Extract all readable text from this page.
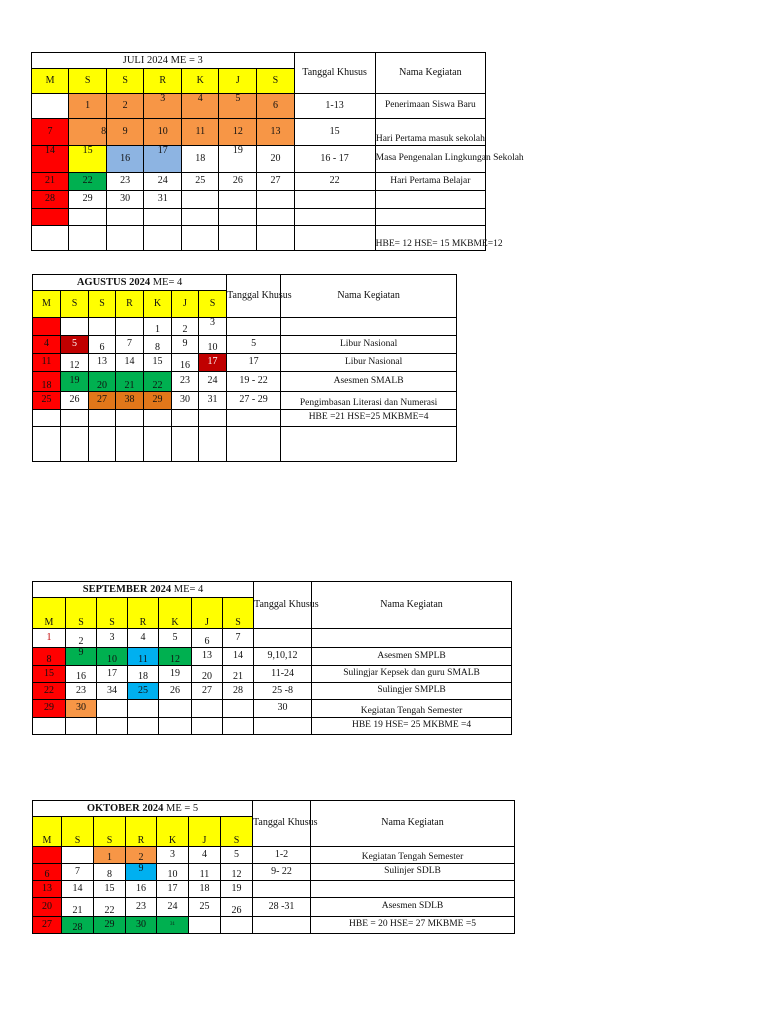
JULI 2024 ME = 3							Tanggal Khusus	Nama Kegiatan
M	S	S	R	K	J	S		
	1	2	3	4	5	6	1-13	Penerimaan Siswa Baru
7	8	9	10	11	12	13	15	Hari Pertama masuk sekolah
14	15	16	17	18	19	20	16 - 17	Masa Pengenalan Lingkungan Sekolah
21	22	23	24	25	26	27	22	Hari Pertama Belajar
28	29	30	31					

								HBE= 12 HSE= 15 MKBME=12
AGUSTUS 2024 ME= 4							Tanggal Khusus	Nama Kegiatan
M	S	S	R	K	J	S		
				1	2	3		
4	5	6	7	8	9	10	5	Libur Nasional
11	12	13	14	15	16	17	17	Libur Nasional
18	19	20	21	22	23	24	19 - 22	Asesmen SMALB
25	26	27	38	29	30	31	27 - 29	Pengimbasan Literasi dan Numerasi
								HBE =21 HSE=25 MKBME=4

SEPTEMBER 2024 ME= 4							Tanggal Khusus	Nama Kegiatan
M	S	S	R	K	J	S		
1	2	3	4	5	6	7		
8	9	10	11	12	13	14	9,10,12	Asesmen SMPLB
15	16	17	18	19	20	21	11-24	Sulingjar Kepsek dan guru SMALB
22	23	34	25	26	27	28	25 -8	Sulingjer SMPLB
29	30						30	Kegiatan Tengah Semester
								HBE 19 HSE= 25 MKBME =4
OKTOBER 2024 ME = 5							Tanggal Khusus	Nama Kegiatan
M	S	S	R	K	J	S		
		1	2	3	4	5	1-2	Kegiatan Tengah Semester
6	7	8	9	10	11	12	9- 22	Sulinjer SDLB
13	14	15	16	17	18	19		
20	21	22	23	24	25	26	28 -31	Asesmen SDLB
27	28	29	30	31				HBE = 20 HSE= 27 MKBME =5
